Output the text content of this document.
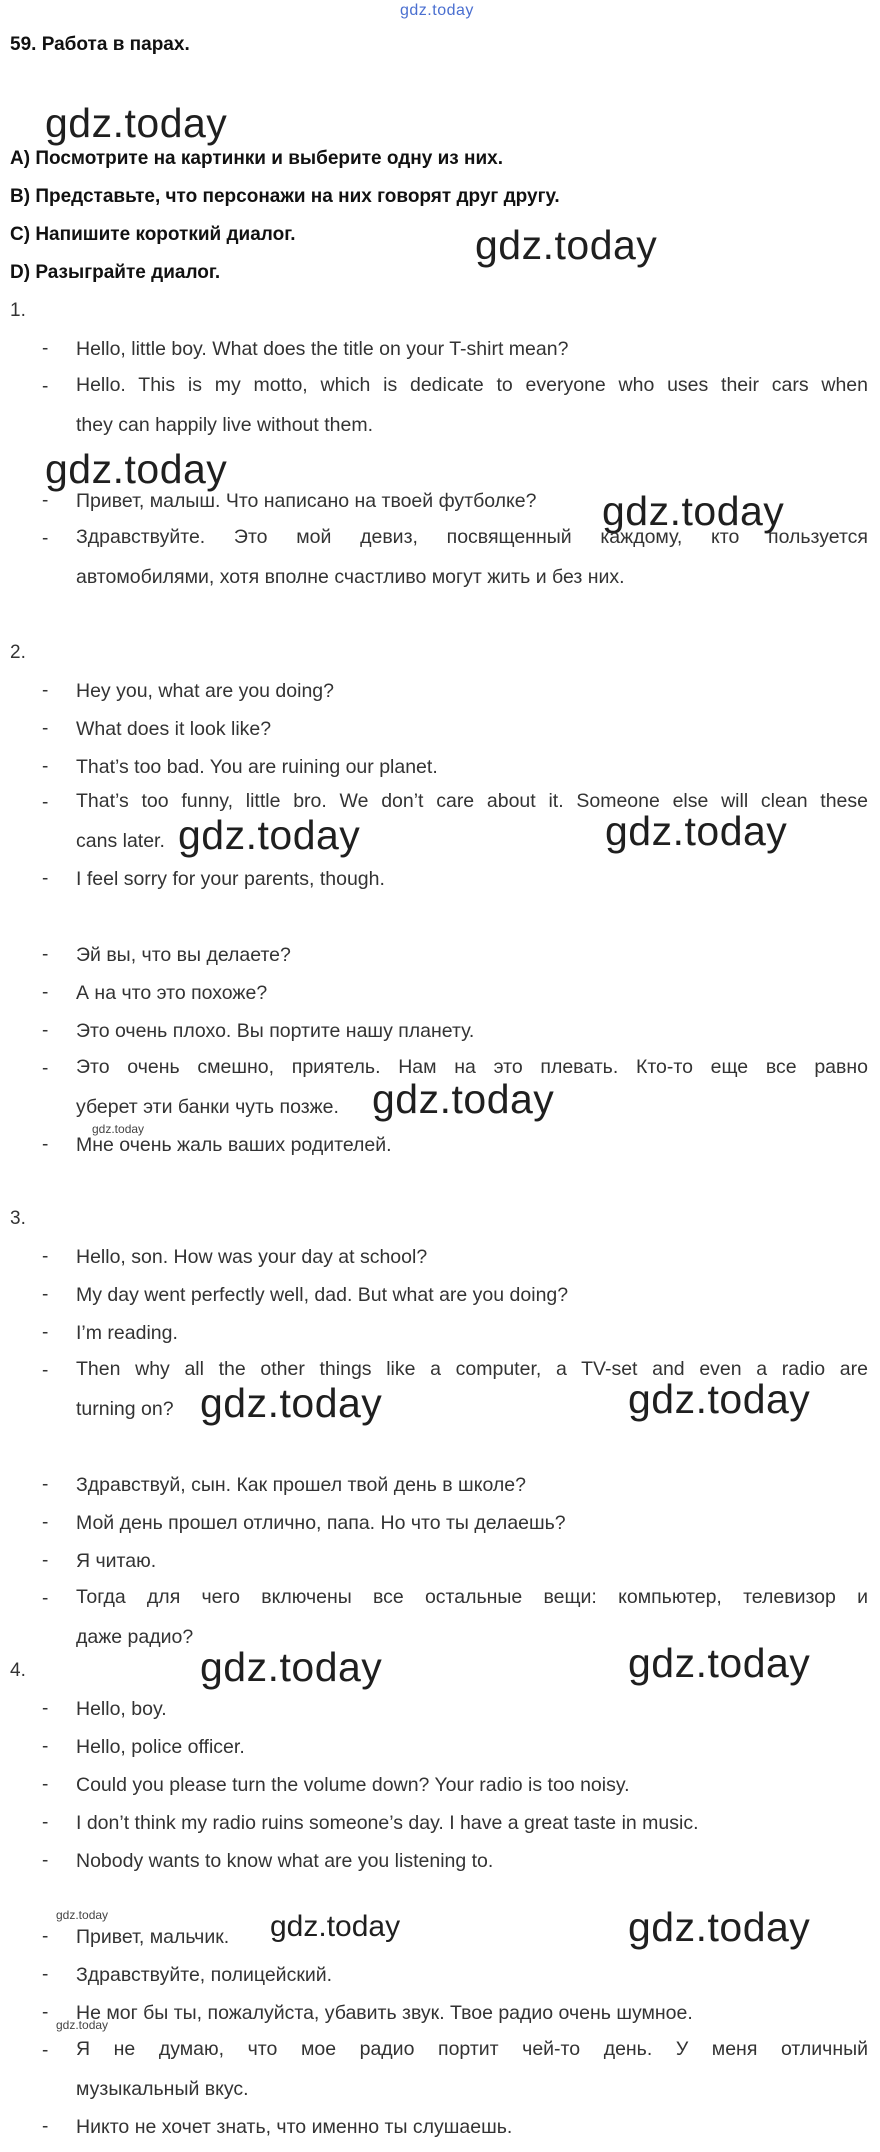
gdz.today
59. Работа в парах.
gdz.today
A) Посмотрите на картинки и выберите одну из них.
B) Представьте, что персонажи на них говорят друг другу.
C) Напишите короткий диалог.	gdz.today
D) Разыграйте диалог.
1.
- Hello, little boy. What does the title on your T-shirt mean?
- Hello. This is my motto, which is dedicate to everyone who uses their cars when
they can happily live without them.
gdz.today
- Привет, малыш. Что написано на твоей футболке? gdz.today
- Здравствуйте. Это мой девиз, посвященный каждому, кто пользуется
автомобилями, хотя вполне счастливо могут жить и без них.
2.
- Hey you, what are you doing?
- What does it look like?
- That’s too bad. You are ruining our planet.
- That’s too funny, little bro. We don’t care about it. Someone else will clean these
cans later. gdz.today	gdz.today
- I feel sorry for your parents, though.
- Эй вы, что вы делаете?
- А на что это похоже?
- Это очень плохо. Вы портите нашу планету.
- Это очень смешно, приятель. Нам на это плевать. Кто-то еще все равно
уберет эти банки чуть позже. gdz.today
gdz.today
- Мне очень жаль ваших родителей.
3.
- Hello, son. How was your day at school?
- My day went perfectly well, dad. But what are you doing?
- I’m reading.
- Then why all the other things like a computer, a TV-set and even a radio are
turning on? gdz.today	gdz.today
- Здравствуй, сын. Как прошел твой день в школе?
- Мой день прошел отлично, папа. Но что ты делаешь?
- Я читаю.
- Тогда для чего включены все остальные вещи: компьютер, телевизор и
даже радио?
4.	gdz.today	gdz.today
- Hello, boy.
- Hello, police officer.
- Could you please turn the volume down? Your radio is too noisy.
- I don’t think my radio ruins someone’s day. I have a great taste in music.
- Nobody wants to know what are you listening to.
gdz.today	gdz.today
gdz.today
- Привет, мальчик.
- Здравствуйте, полицейский.
- Не мог бы ты, пожалуйста, убавить звук. Твое радио очень шумное.
gdz.today
- Я не думаю, что мое радио портит чей-то день. У меня отличный
музыкальный вкус.
- Никто не хочет знать, что именно ты слушаешь.
